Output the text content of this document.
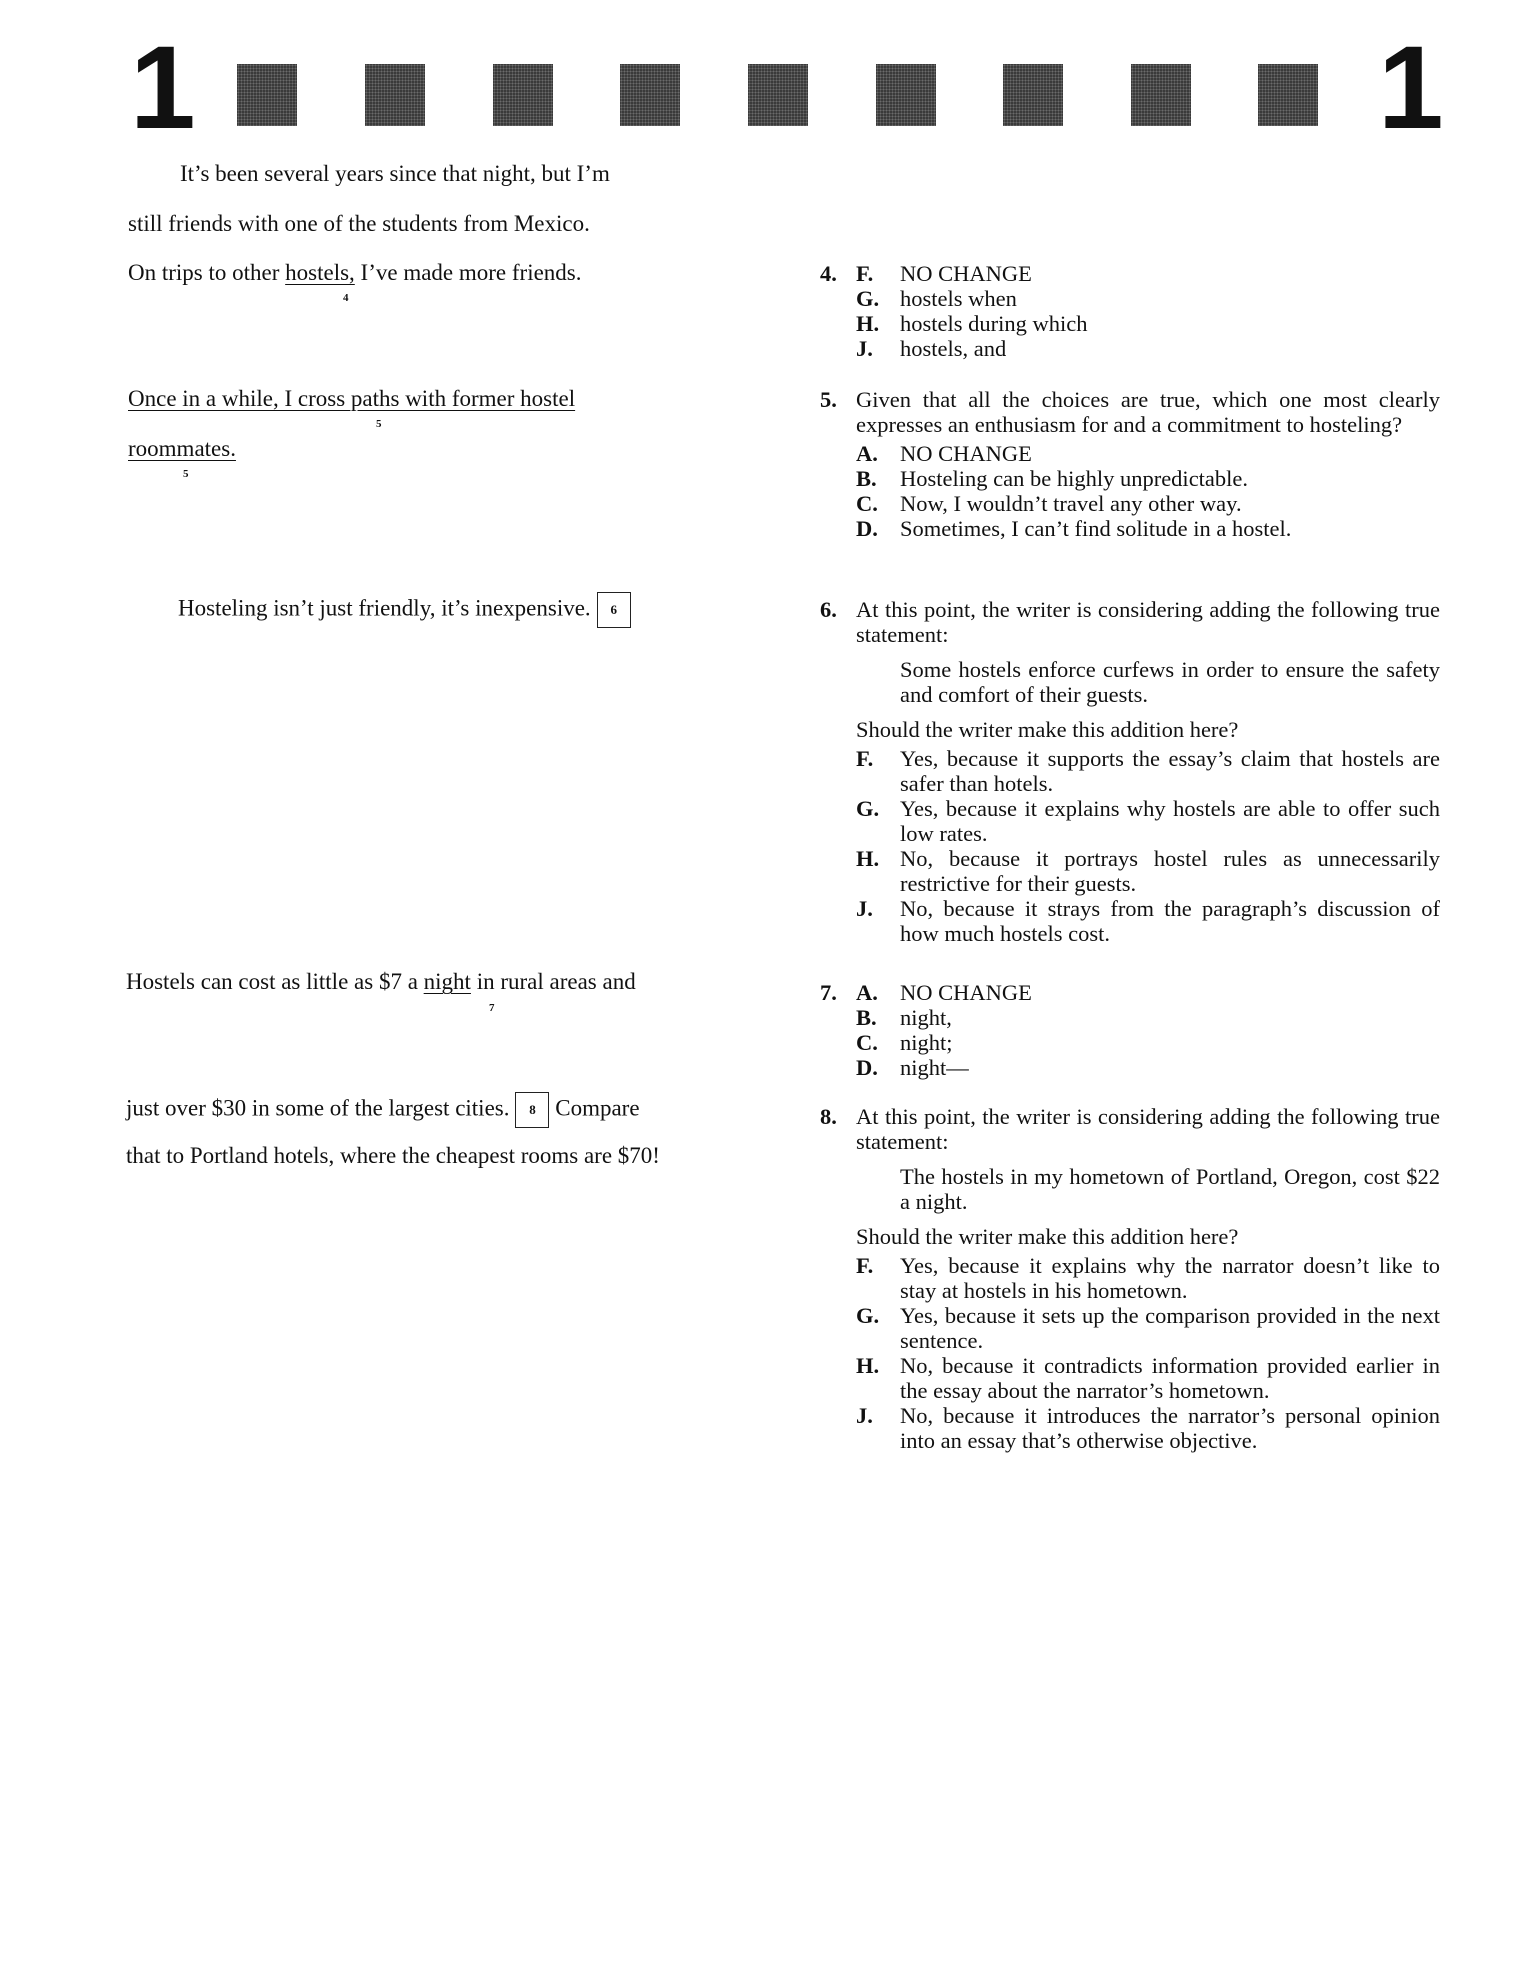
1	1
It’s been several years since that night, but I’m
still friends with one of the students from Mexico.
On trips to other hostels, I’ve made more friends.
4
Once in a while, I cross paths with former hostel
5
roommates.
5
Hosteling isn’t just friendly, it’s inexpensive. 6
Hostels can cost as little as $7 a night in rural areas and
7
just over $30 in some of the largest cities. 8 Compare
that to Portland hotels, where the cheapest rooms are $70!
4. F.	NO CHANGE
G. hostels when
H. hostels during which
J.	hostels, and
5. Given that all the choices are true, which one most clearly expresses an enthusiasm for and a commitment to hosteling?
A. NO CHANGE
B.	Hosteling can be highly unpredictable.
C. Now, I wouldn’t travel any other way.
D. Sometimes, I can’t find solitude in a hostel.
6. At this point, the writer is considering adding the following true statement:
Some hostels enforce curfews in order to ensure the safety and comfort of their guests.
Should the writer make this addition here?
F.	Yes, because it supports the essay’s claim that hostels are safer than hotels.
G. Yes, because it explains why hostels are able to offer such low rates.
H. No, because it portrays hostel rules as unnecessarily restrictive for their guests.
J.	No, because it strays from the paragraph’s discussion of how much hostels cost.
7. A. NO CHANGE
B.	night,
C. night;
D. night—
8. At this point, the writer is considering adding the following true statement:
The hostels in my hometown of Portland, Oregon, cost $22 a night.
Should the writer make this addition here?
F.	Yes, because it explains why the narrator doesn’t like to stay at hostels in his hometown.
G. Yes, because it sets up the comparison provided in the next sentence.
H. No, because it contradicts information provided earlier in the essay about the narrator’s hometown.
J.	No, because it introduces the narrator’s personal opinion into an essay that’s otherwise objective.
